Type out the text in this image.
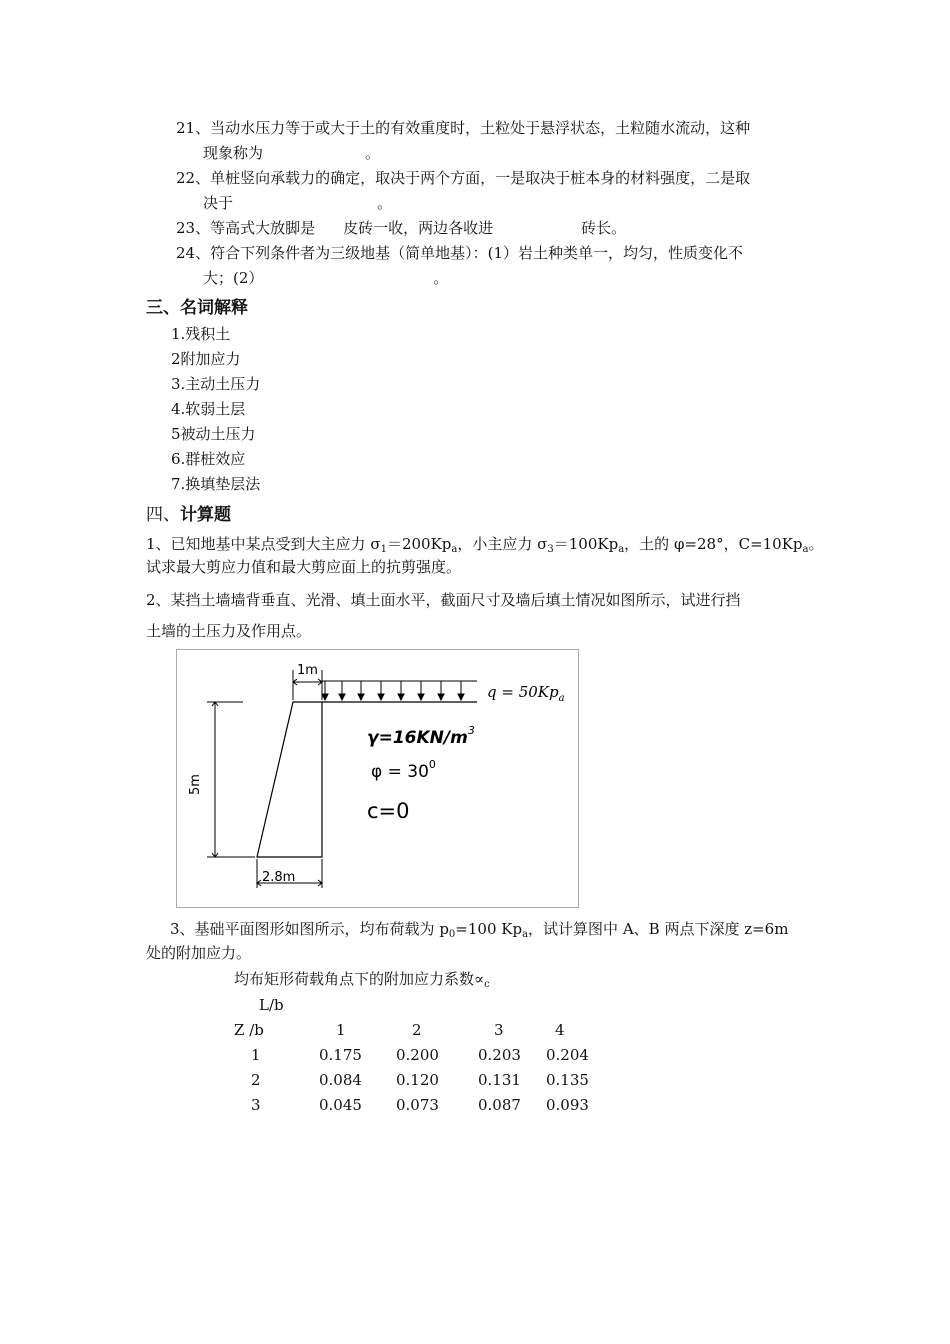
21、当动水压力等于或大于土的有效重度时，土粒处于悬浮状态，土粒随水流动，这种
现象称为	。
22、单桩竖向承载力的确定，取决于两个方面，一是取决于桩本身的材料强度，二是取
决于	。
23、等高式大放脚是 皮砖一收，两边各收进	砖长。
24、符合下列条件者为三级地基（简单地基）：(1）岩土种类单一，均匀，性质变化不
大；(2）	。
三、名词解释
1.残积土
2附加应力
3.主动土压力
4.软弱土层
5被动土压力
6.群桩效应
7.换填垫层法
四、计算题
1、已知地基中某点受到大主应力 $\sigma_1=200Kp_a$，小主应力 $\sigma_3=100Kp_a$，土的 φ=28°，$C=10Kp_a$。
试求最大剪应力值和最大剪应面上的抗剪强度。
2、某挡土墙墙背垂直、光滑、填土面水平，截面尺寸及墙后填土情况如图所示，试进行挡
土墙的土压力及作用点。
1m
5m
2.8m
$q = 50Kp_a$
$\gamma=16KN/m^3$
$\varphi = 30^0$
c=0
3、基础平面图形如图所示，均布荷载为 $p_0=100$ $Kp_a$，试计算图中 A、B 两点下深度 z=6m
处的附加应力。
均布矩形荷载角点下的附加应力系数$\propto_c$
L/b
Z /b	1	2	3	4
1	0.175 0.200	0.203 0.204
2	0.084 0.120	0.131 0.135
3	0.045 0.073	0.087 0.093
